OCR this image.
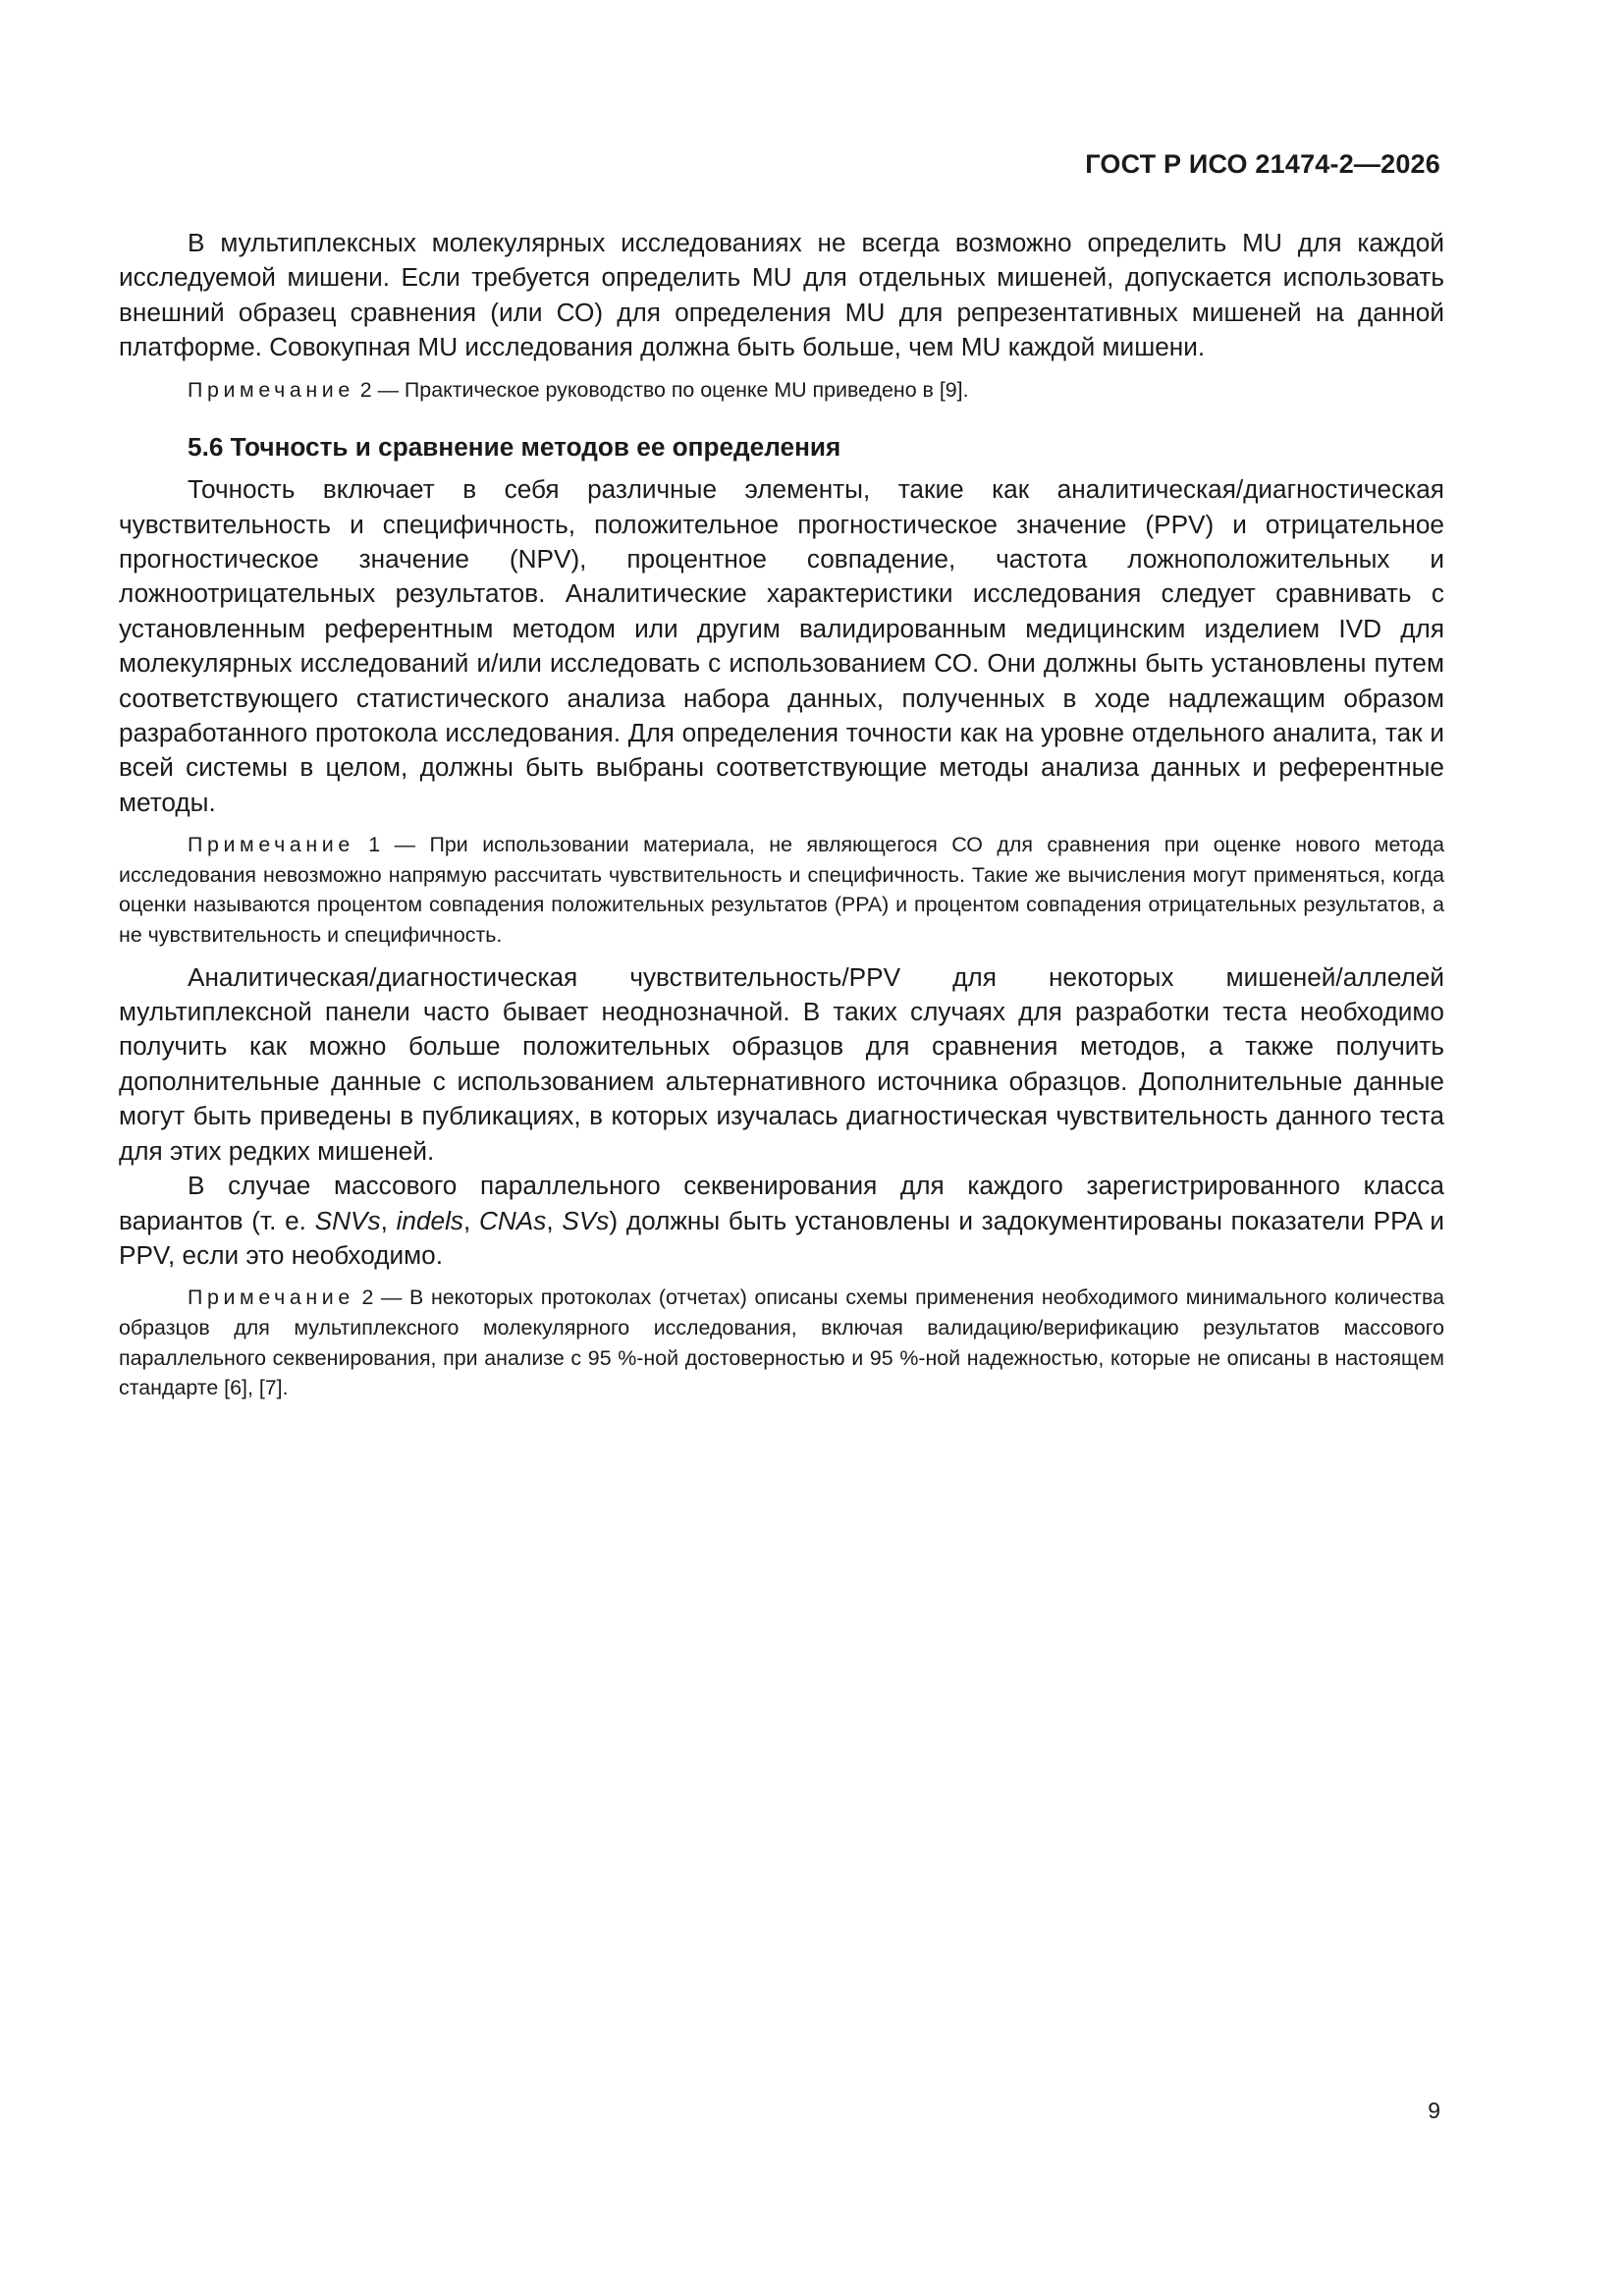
ГОСТ Р ИСО 21474-2—2026

В мультиплексных молекулярных исследованиях не всегда возможно определить MU для каждой исследуемой мишени. Если требуется определить MU для отдельных мишеней, допускается использовать внешний образец сравнения (или СО) для определения MU для репрезентативных мишеней на данной платформе. Совокупная MU исследования должна быть больше, чем MU каждой мишени.

Примечание 2 — Практическое руководство по оценке MU приведено в [9].

5.6 Точность и сравнение методов ее определения

Точность включает в себя различные элементы, такие как аналитическая/диагностическая чувствительность и специфичность, положительное прогностическое значение (PPV) и отрицательное прогностическое значение (NPV), процентное совпадение, частота ложноположительных и ложноотрицательных результатов. Аналитические характеристики исследования следует сравнивать с установленным референтным методом или другим валидированным медицинским изделием IVD для молекулярных исследований и/или исследовать с использованием СО. Они должны быть установлены путем соответствующего статистического анализа набора данных, полученных в ходе надлежащим образом разработанного протокола исследования. Для определения точности как на уровне отдельного аналита, так и всей системы в целом, должны быть выбраны соответствующие методы анализа данных и референтные методы.

Примечание 1 — При использовании материала, не являющегося СО для сравнения при оценке нового метода исследования невозможно напрямую рассчитать чувствительность и специфичность. Такие же вычисления могут применяться, когда оценки называются процентом совпадения положительных результатов (PPA) и процентом совпадения отрицательных результатов, а не чувствительность и специфичность.

Аналитическая/диагностическая чувствительность/PPV для некоторых мишеней/аллелей мультиплексной панели часто бывает неоднозначной. В таких случаях для разработки теста необходимо получить как можно больше положительных образцов для сравнения методов, а также получить дополнительные данные с использованием альтернативного источника образцов. Дополнительные данные могут быть приведены в публикациях, в которых изучалась диагностическая чувствительность данного теста для этих редких мишеней.

В случае массового параллельного секвенирования для каждого зарегистрированного класса вариантов (т. е. SNVs, indels, CNAs, SVs) должны быть установлены и задокументированы показатели PPA и PPV, если это необходимо.

Примечание 2 — В некоторых протоколах (отчетах) описаны схемы применения необходимого минимального количества образцов для мультиплексного молекулярного исследования, включая валидацию/верификацию результатов массового параллельного секвенирования, при анализе с 95 %-ной достоверностью и 95 %-ной надежностью, которые не описаны в настоящем стандарте [6], [7].

9
